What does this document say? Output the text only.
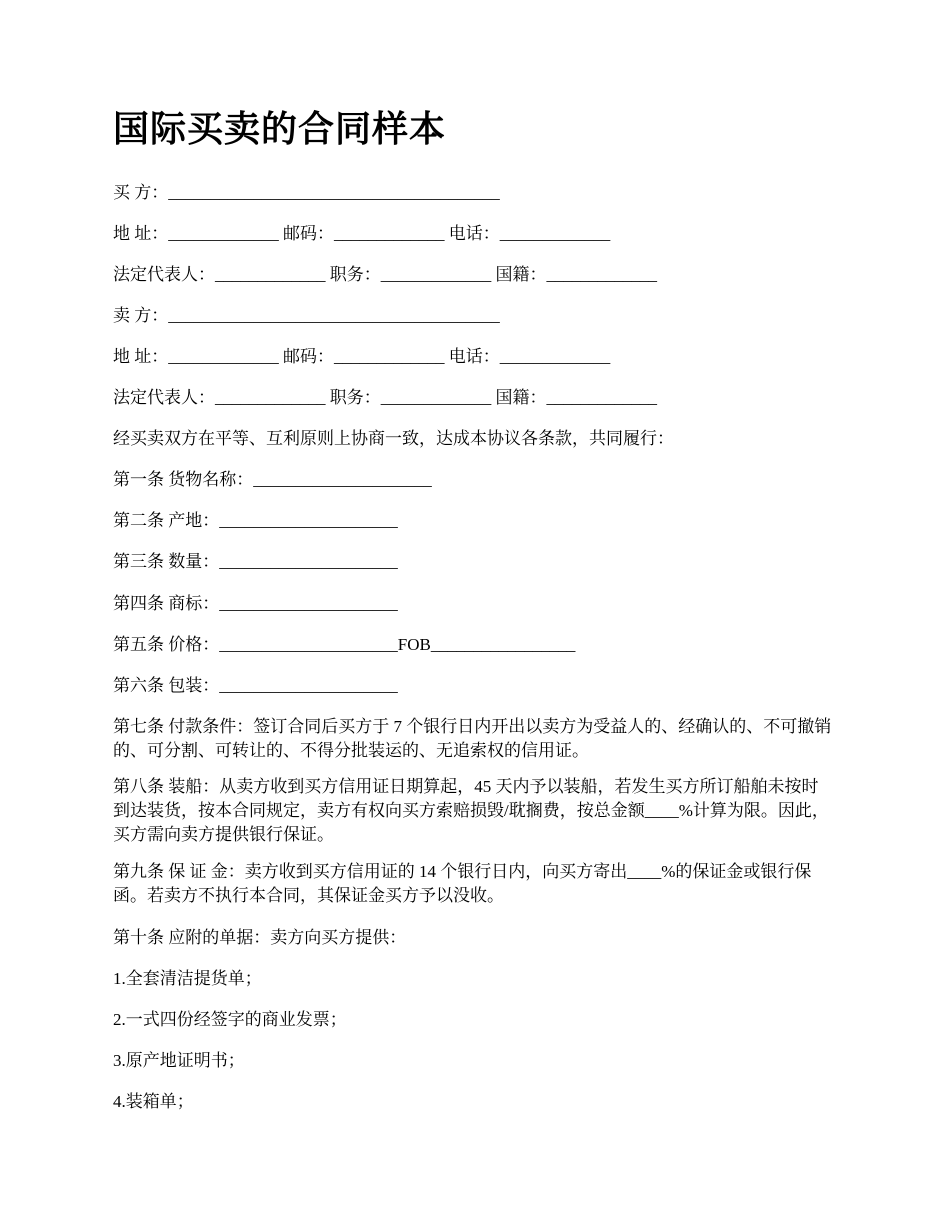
国际买卖的合同样本
买 方：_______________________________________
地 址：_____________ 邮码：_____________ 电话：_____________
法定代表人：_____________ 职务：_____________ 国籍：_____________
卖 方：_______________________________________
地 址：_____________ 邮码：_____________ 电话：_____________
法定代表人：_____________ 职务：_____________ 国籍：_____________
经买卖双方在平等、互利原则上协商一致，达成本协议各条款，共同履行：
第一条 货物名称：_____________________
第二条 产地：_____________________
第三条 数量：_____________________
第四条 商标：_____________________
第五条 价格：_____________________FOB_________________
第六条 包装：_____________________
第七条 付款条件：签订合同后买方于 7 个银行日内开出以卖方为受益人的、经确认的、不可撤销的、可分割、可转让的、不得分批装运的、无追索权的信用证。
第八条 装船：从卖方收到买方信用证日期算起，45 天内予以装船，若发生买方所订船舶未按时到达装货，按本合同规定，卖方有权向买方索赔损毁/耽搁费，按总金额____%计算为限。因此，买方需向卖方提供银行保证。
第九条 保 证 金：卖方收到买方信用证的 14 个银行日内，向买方寄出____%的保证金或银行保函。若卖方不执行本合同，其保证金买方予以没收。
第十条 应附的单据：卖方向买方提供：
1.全套清洁提货单；
2.一式四份经签字的商业发票；
3.原产地证明书；
4.装箱单；
